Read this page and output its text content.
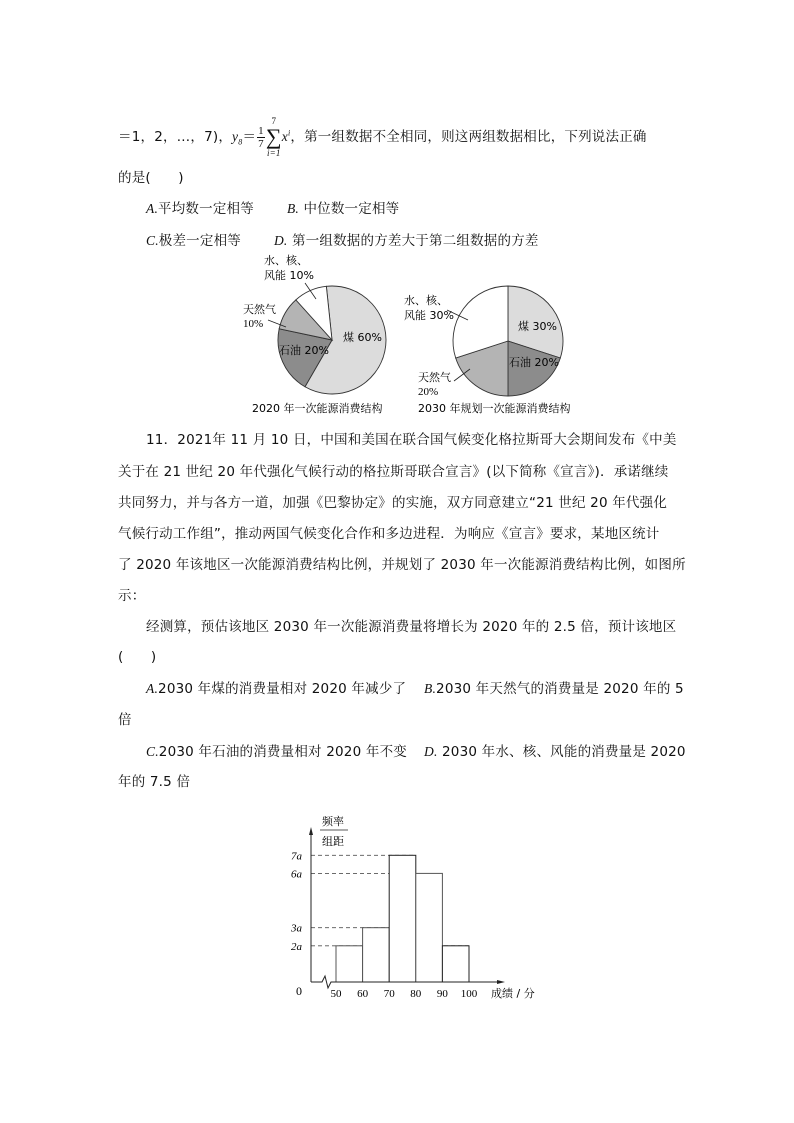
＝1，2，…，7)，$y_8= \frac{1}{7}$
7
∑
i=1
$x^i$，第一组数据不全相同，则这两组数据相比，下列说法正确
的是(　　)
A.平均数一定相等 B. 中位数一定相等
C.极差一定相等 D. 第一组数据的方差大于第二组数据的方差
水、核、
风能 10%
天然气
10%
煤 60%
石油 20%
2020 年一次能源消费结构
水、核、
风能 30%
煤 30%
石油 20%
天然气
20%
2030 年规划一次能源消费结构
11．2021年 11 月 10 日，中国和美国在联合国气候变化格拉斯哥大会期间发布《中美
关于在 21 世纪 20 年代强化气候行动的格拉斯哥联合宣言》(以下简称《宣言》)．承诺继续
共同努力，并与各方一道，加强《巴黎协定》的实施，双方同意建立“21 世纪 20 年代强化
气候行动工作组”，推动两国气候变化合作和多边进程．为响应《宣言》要求，某地区统计
了 2020 年该地区一次能源消费结构比例，并规划了 2030 年一次能源消费结构比例，如图所
示：
经测算，预估该地区 2030 年一次能源消费量将增长为 2020 年的 2.5 倍，预计该地区
(　　)
A.2030 年煤的消费量相对 2020 年减少了 B.2030 年天然气的消费量是 2020 年的 5
倍
C.2030 年石油的消费量相对 2020 年不变 D. 2030 年水、核、风能的消费量是 2020
年的 7.5 倍
频率
组距
0	成绩 / 分
50 60 70 80 90 100
2a
3a
6a
7a
